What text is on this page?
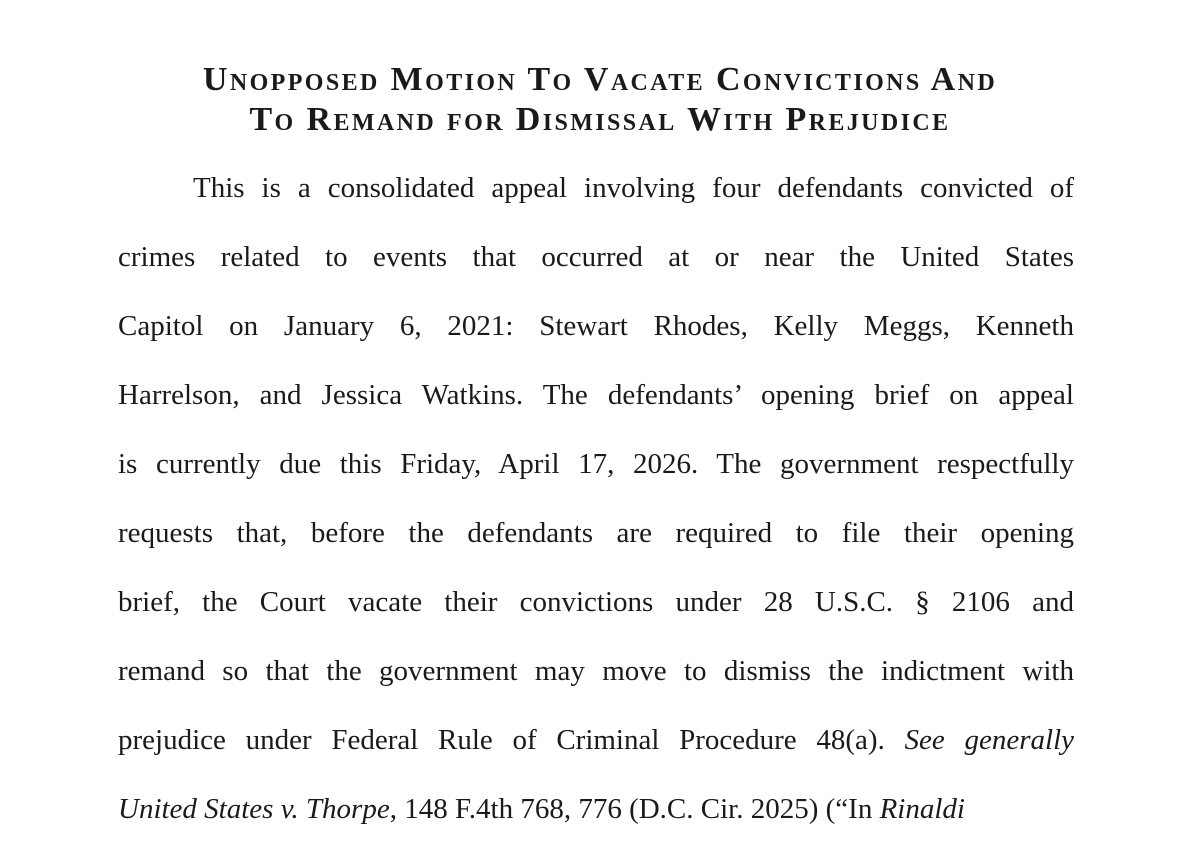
Unopposed Motion To Vacate Convictions And
To Remand for Dismissal With Prejudice
This is a consolidated appeal involving four defendants convicted of
crimes related to events that occurred at or near the United States
Capitol on January 6, 2021: Stewart Rhodes, Kelly Meggs, Kenneth
Harrelson, and Jessica Watkins. The defendants’ opening brief on appeal
is currently due this Friday, April 17, 2026. The government respectfully
requests that, before the defendants are required to file their opening
brief, the Court vacate their convictions under 28 U.S.C. § 2106 and
remand so that the government may move to dismiss the indictment with
prejudice under Federal Rule of Criminal Procedure 48(a). See generally
United States v. Thorpe, 148 F.4th 768, 776 (D.C. Cir. 2025) (“In Rinaldi
